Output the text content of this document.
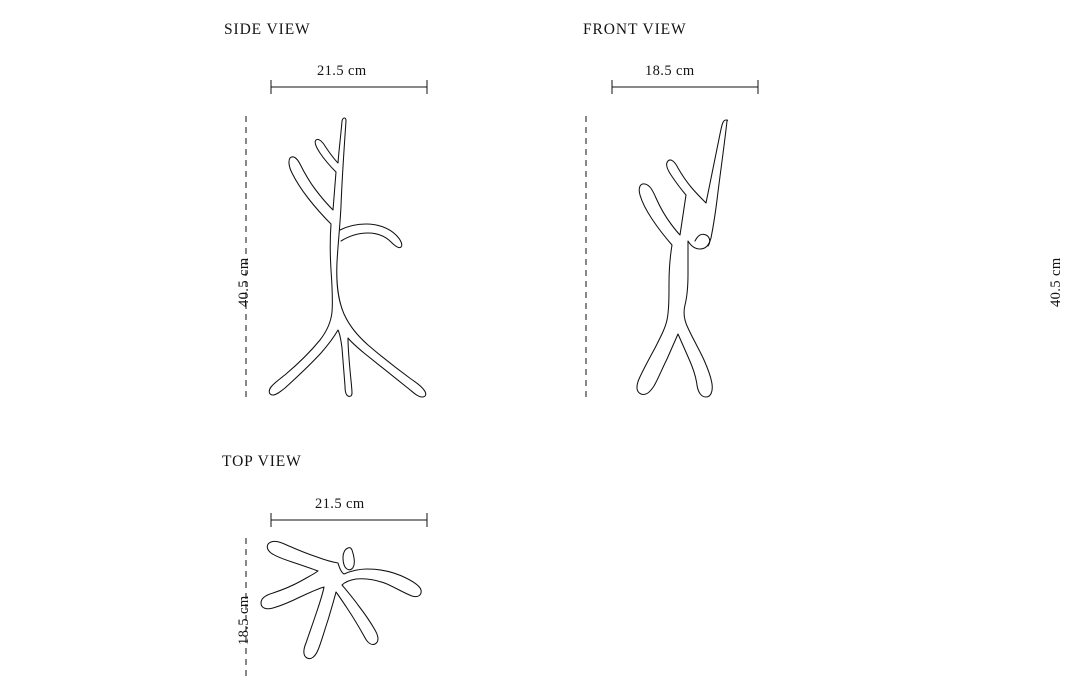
SIDE VIEW
21.5 cm
40.5 cm
FRONT VIEW
18.5 cm
40.5 cm
TOP VIEW
21.5 cm
18.5 cm
